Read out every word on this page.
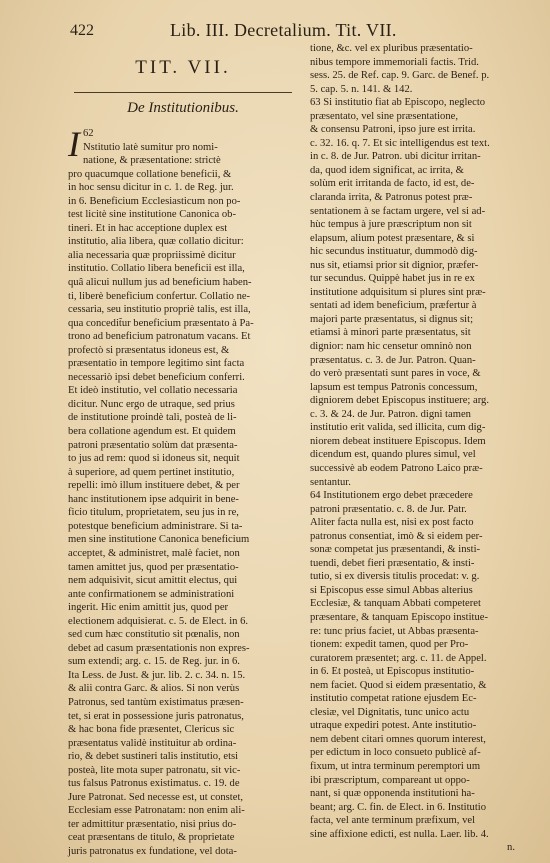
422	Lib. III. Decretalium. Tit. VII.
TIT. VII.
De Institutionibus.
62
I Nstitutio latè sumitur pro nomi-

natione, & præsentatione: strictè

pro quacumque collatione beneficii, &

in hoc sensu dicitur in c. 1. de Reg. jur.

in 6. Beneficium Ecclesiasticum non po-

test licitè sine institutione Canonica ob-

tineri. Et in hac acceptione duplex est

institutio, alia libera, quæ collatio dicitur:

alia necessaria quæ propriissimè dicitur

institutio. Collatio libera beneficii est illa,

quâ alicui nullum jus ad beneficium haben-

ti, liberè beneficium confertur. Collatio ne-

cessaria, seu institutio propriè talis, est illa,

qua concedit̃ur beneficium præsentato à Pa-

trono ad beneficium patronatum vacans. Et

profectò si præsentatus idoneus est, &

præsentatio in tempore legitimo sint facta

necessariò ipsi debet beneficium conferri.

Et ideò institutio, vel collatio necessaria

dicitur. Nunc ergo de utraque, sed prius

de institutione proindè tali, posteà de li-

bera collatione agendum est. Et quidem

patroni præsentatio solùm dat præsenta-

to jus ad rem: quod si idoneus sit, nequit

à superiore, ad quem pertinet institutio,

repelli: imò illum instituere debet, & per

hanc institutionem ipse adquirit in bene-

ficio titulum, proprietatem, seu jus in re,

potestque beneficium administrare. Si ta-

men sine institutione Canonica beneficium

acceptet, & administret, malè faciet, non

tamen amittet jus, quod per præsentatio-

nem adquisivit, sicut amittit electus, qui

ante confirmationem se administrationi

ingerit. Hic enim amittit jus, quod per

electionem adquisierat. c. 5. de Elect. in 6.

sed cum hæc constitutio sit pœnalis, non

debet ad casum præsentationis non expres-

sum extendi; arg. c. 15. de Reg. jur. in 6.

Ita Less. de Just. & jur. lib. 2. c. 34. n. 15.

& alii contra Garc. & alios. Si non verùs

Patronus, sed tantùm existimatus præsen-

tet, si erat in possessione juris patronatus,

& hac bona fide præsentet, Clericus sic

præsentatus validè instituitur ab ordina-

rio, & debet sustineri talis institutio, etsi

posteà, lite mota super patronatu, sit vic-

tus falsus Patronus existimatus. c. 19. de

Jure Patronat. Sed necesse est, ut constet,

Ecclesiam esse Patronatam: non enim ali-

ter admittitur præsentatio, nisi prius do-

ceat præsentans de titulo, & proprietate

juris patronatus ex fundatione, vel dota-

tione, &c. vel ex pluribus præsentatio-

nibus tempore immemoriali factis. Trid.

sess. 25. de Ref. cap. 9. Garc. de Benef. p.

5. cap. 5. n. 141. & 142.

63 Si institutio fiat ab Episcopo, neglecto

præsentato, vel sine præsentatione,

& consensu Patroni, ipso jure est irrita.

c. 32. 16. q. 7. Et sic intelligendus est text.

in c. 8. de Jur. Patron. ubi dicitur irritan-

da, quod idem significat, ac irrita, &

solùm erit irritanda de facto, id est, de-

claranda irrita, & Patronus potest præ-

sentationem à se factam urgere, vel si ad-

hùc tempus à jure præscriptum non sit

elapsum, alium potest præsentare, & si

hic secundus instituatur, dummodò dig-

nus sit, etiamsi prior sit dignior, præfer-

tur secundus. Quippè habet jus in re ex

institutione adquisitum si plures sint præ-

sentati ad idem beneficium, præfertur à

majori parte præsentatus, si dignus sit;

etiamsi à minori parte præsentatus, sit

dignior: nam hic censetur omninò non

præsentatus. c. 3. de Jur. Patron. Quan-

do verò præsentati sunt pares in voce, &

lapsum est tempus Patronis concessum,

digniorem debet Episcopus instituere; arg.

c. 3. & 24. de Jur. Patron. digni tamen

institutio erit valida, sed illicita, cum dig-

niorem debeat instituere Episcopus. Idem

dicendum est, quando plures simul, vel

successivè ab eodem Patrono Laico præ-

sentantur.

64 Institutionem ergo debet præcedere

patroni præsentatio. c. 8. de Jur. Patr.

Aliter facta nulla est, nisi ex post facto

patronus consentiat, imò & si eidem per-

sonæ competat jus præsentandi, & insti-

tuendi, debet fieri præsentatio, & insti-

tutio, si ex diversis titulis procedat: v. g.

si Episcopus esse simul Abbas alterius

Ecclesiæ, & tanquam Abbati competeret

præsentare, & tanquam Episcopo institue-

re: tunc prius faciet, ut Abbas præsenta-

tionem: expedit tamen, quod per Pro-

curatorem præsentet; arg. c. 11. de Appel.

in 6. Et posteà, ut Episcopus institutio-

nem faciet. Quod si eidem præsentatio, &

institutio competat ratione ejusdem Ec-

clesiæ, vel Dignitatis, tunc unico actu

utraque expediri potest. Ante institutio-

nem debent citari omnes quorum interest,

per edictum in loco consueto publicè af-

fixum, ut intra terminum peremptori um

ibi præscriptum, compareant ut oppo-

nant, si quæ opponenda institutioni ha-

beant; arg. C. fin. de Elect. in 6. Institutio

facta, vel ante terminum præfixum, vel

sine affixione edicti, est nulla. Laer. lib. 4.

n.
